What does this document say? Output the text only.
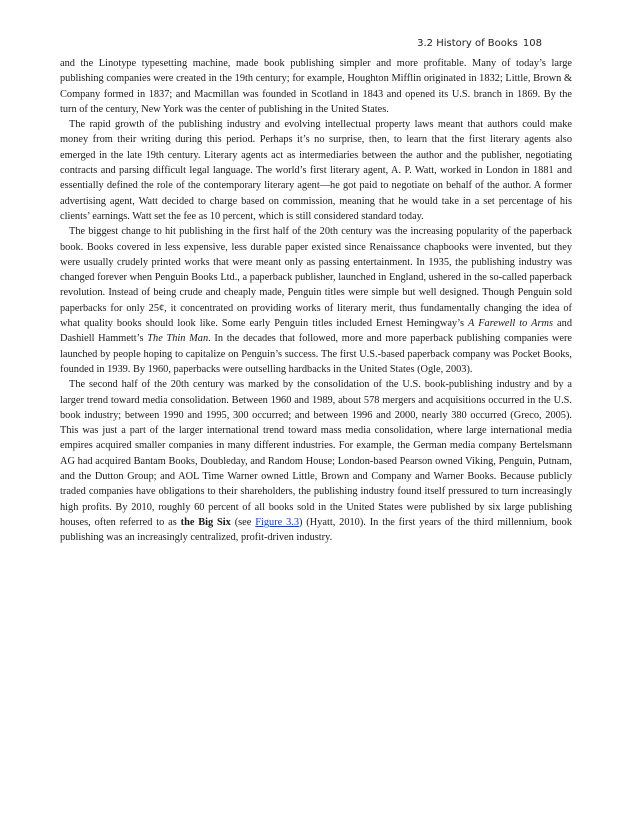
3.2 History of Books 108

and the Linotype typesetting machine, made book publishing simpler and more profitable. Many of today’s large publishing companies were created in the 19th century; for example, Houghton Mifflin originated in 1832; Little, Brown & Company formed in 1837; and Macmillan was founded in Scotland in 1843 and opened its U.S. branch in 1869. By the turn of the century, New York was the center of publishing in the United States.

The rapid growth of the publishing industry and evolving intellectual property laws meant that authors could make money from their writing during this period. Perhaps it’s no surprise, then, to learn that the first literary agents also emerged in the late 19th century. Literary agents act as intermediaries between the author and the publisher, negotiating contracts and parsing difficult legal language. The world’s first literary agent, A. P. Watt, worked in London in 1881 and essentially defined the role of the contemporary literary agent—he got paid to negotiate on behalf of the author. A former advertising agent, Watt decided to charge based on commission, meaning that he would take in a set percentage of his clients’ earnings. Watt set the fee as 10 percent, which is still considered standard today.

The biggest change to hit publishing in the first half of the 20th century was the increasing popularity of the paperback book. Books covered in less expensive, less durable paper existed since Renaissance chapbooks were invented, but they were usually crudely printed works that were meant only as passing entertainment. In 1935, the publishing industry was changed forever when Penguin Books Ltd., a paperback publisher, launched in England, ushered in the so-called paperback revolution. Instead of being crude and cheaply made, Penguin titles were simple but well designed. Though Penguin sold paperbacks for only 25¢, it concentrated on providing works of literary merit, thus fundamentally changing the idea of what quality books should look like. Some early Penguin titles included Ernest Hemingway’s A Farewell to Arms and Dashiell Hammett’s The Thin Man. In the decades that followed, more and more paperback publishing companies were launched by people hoping to capitalize on Penguin’s success. The first U.S.-based paperback company was Pocket Books, founded in 1939. By 1960, paperbacks were outselling hardbacks in the United States (Ogle, 2003).

The second half of the 20th century was marked by the consolidation of the U.S. book-publishing industry and by a larger trend toward media consolidation. Between 1960 and 1989, about 578 mergers and acquisitions occurred in the U.S. book industry; between 1990 and 1995, 300 occurred; and between 1996 and 2000, nearly 380 occurred (Greco, 2005). This was just a part of the larger international trend toward mass media consolidation, where large international media empires acquired smaller companies in many different industries. For example, the German media company Bertelsmann AG had acquired Bantam Books, Doubleday, and Random House; London-based Pearson owned Viking, Penguin, Putnam, and the Dutton Group; and AOL Time Warner owned Little, Brown and Company and Warner Books. Because publicly traded companies have obligations to their shareholders, the publishing industry found itself pressured to turn increasingly high profits. By 2010, roughly 60 percent of all books sold in the United States were published by six large publishing houses, often referred to as the Big Six (see Figure 3.3) (Hyatt, 2010). In the first years of the third millennium, book publishing was an increasingly centralized, profit-driven industry.
